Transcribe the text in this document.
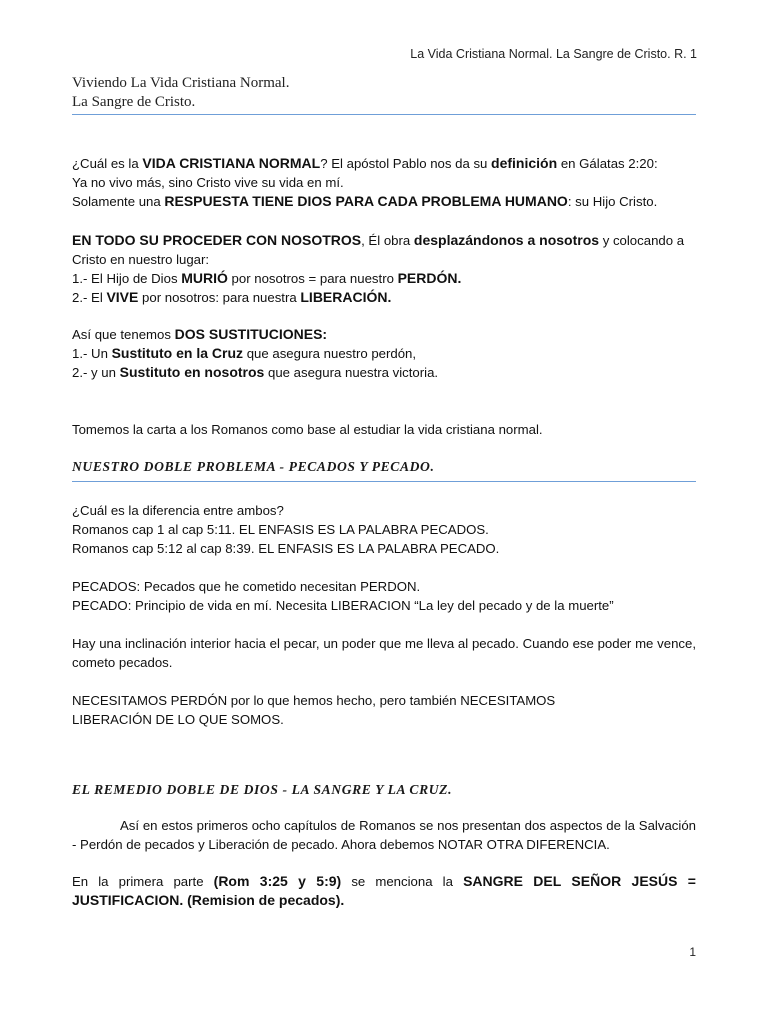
La Vida Cristiana Normal. La Sangre de Cristo. R. 1
Viviendo La Vida Cristiana Normal.
La Sangre de Cristo.
¿Cuál es la VIDA CRISTIANA NORMAL? El apóstol Pablo nos da su definición en Gálatas 2:20:
Ya no vivo más, sino Cristo vive su vida en mí.
Solamente una RESPUESTA TIENE DIOS PARA CADA PROBLEMA HUMANO: su Hijo Cristo.
EN TODO SU PROCEDER CON NOSOTROS, Él obra desplazándonos a nosotros y colocando a Cristo en nuestro lugar:
1.- El Hijo de Dios MURIÓ por nosotros = para nuestro PERDÓN.
2.- El VIVE por nosotros: para nuestra LIBERACIÓN.
Así que tenemos DOS SUSTITUCIONES:
1.- Un Sustituto en la Cruz que asegura nuestro perdón,
2.- y un Sustituto en nosotros que asegura nuestra victoria.
Tomemos la carta a los Romanos como base al estudiar la vida cristiana normal.
NUESTRO DOBLE PROBLEMA - PECADOS Y PECADO.
¿Cuál es la diferencia entre ambos?
Romanos cap 1 al cap 5:11. EL ENFASIS ES LA PALABRA PECADOS.
Romanos cap 5:12 al cap 8:39. EL ENFASIS ES LA PALABRA PECADO.
PECADOS: Pecados que he cometido necesitan PERDON.
PECADO: Principio de vida en mí. Necesita LIBERACION “La ley del pecado y de la muerte”
Hay una inclinación interior hacia el pecar, un poder que me lleva al pecado. Cuando ese poder me vence, cometo pecados.
NECESITAMOS PERDÓN por lo que hemos hecho, pero también NECESITAMOS
LIBERACIÓN DE LO QUE SOMOS.
EL REMEDIO DOBLE DE DIOS - LA SANGRE Y LA CRUZ.
Así en estos primeros ocho capítulos de Romanos se nos presentan dos aspectos de la Salvación - Perdón de pecados y Liberación de pecado. Ahora debemos NOTAR OTRA DIFERENCIA.
En la primera parte (Rom 3:25 y 5:9) se menciona la SANGRE DEL SEÑOR JESÚS = JUSTIFICACION. (Remision de pecados).
1
